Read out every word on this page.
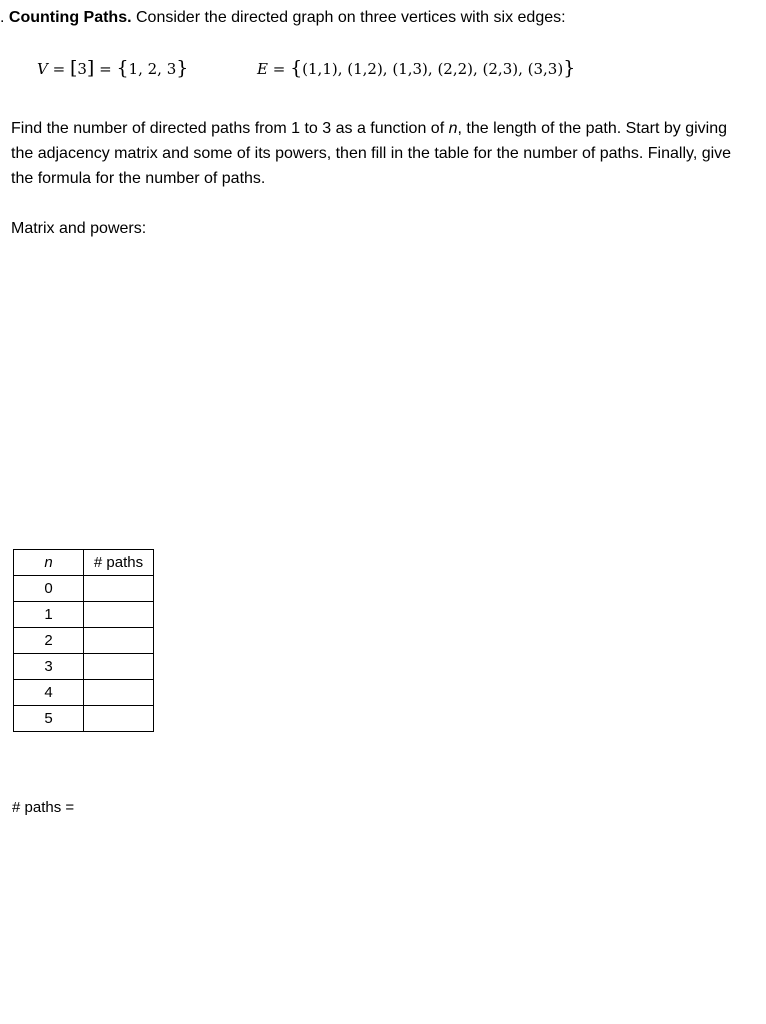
. Counting Paths. Consider the directed graph on three vertices with six edges:
V = [3] = {1, 2, 3}	E = {(1,1), (1,2), (1,3), (2,2), (2,3), (3,3)}
Find the number of directed paths from 1 to 3 as a function of n, the length of the path. Start by giving the adjacency matrix and some of its powers, then fill in the table for the number of paths. Finally, give the formula for the number of paths.
Matrix and powers:
n	# paths
0	
1	
2	
3	
4	
5	
# paths =
